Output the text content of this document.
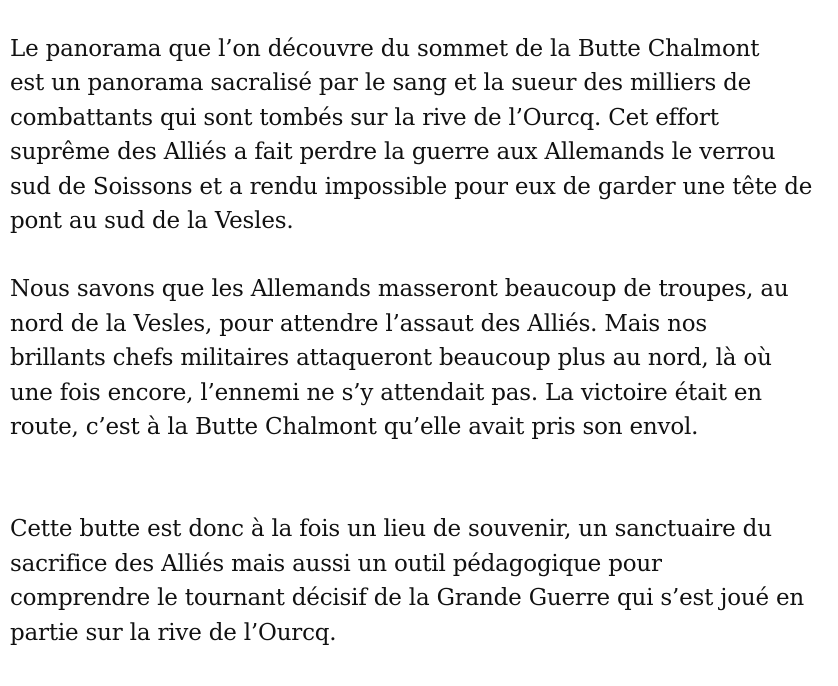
Le panorama que l’on découvre du sommet de la Butte Chalmont
est un panorama sacralisé par le sang et la sueur des milliers de
combattants qui sont tombés sur la rive de l’Ourcq. Cet effort
suprême des Alliés a fait perdre la guerre aux Allemands le verrou
sud de Soissons et a rendu impossible pour eux de garder une tête de
pont au sud de la Vesles.

Nous savons que les Allemands masseront beaucoup de troupes, au
nord de la Vesles, pour attendre l’assaut des Alliés. Mais nos
brillants chefs militaires attaqueront beaucoup plus au nord, là où
une fois encore, l’ennemi ne s’y attendait pas. La victoire était en
route, c’est à la Butte Chalmont qu’elle avait pris son envol.

Cette butte est donc à la fois un lieu de souvenir, un sanctuaire du
sacrifice des Alliés mais aussi un outil pédagogique pour
comprendre le tournant décisif de la Grande Guerre qui s’est joué en
partie sur la rive de l’Ourcq.
